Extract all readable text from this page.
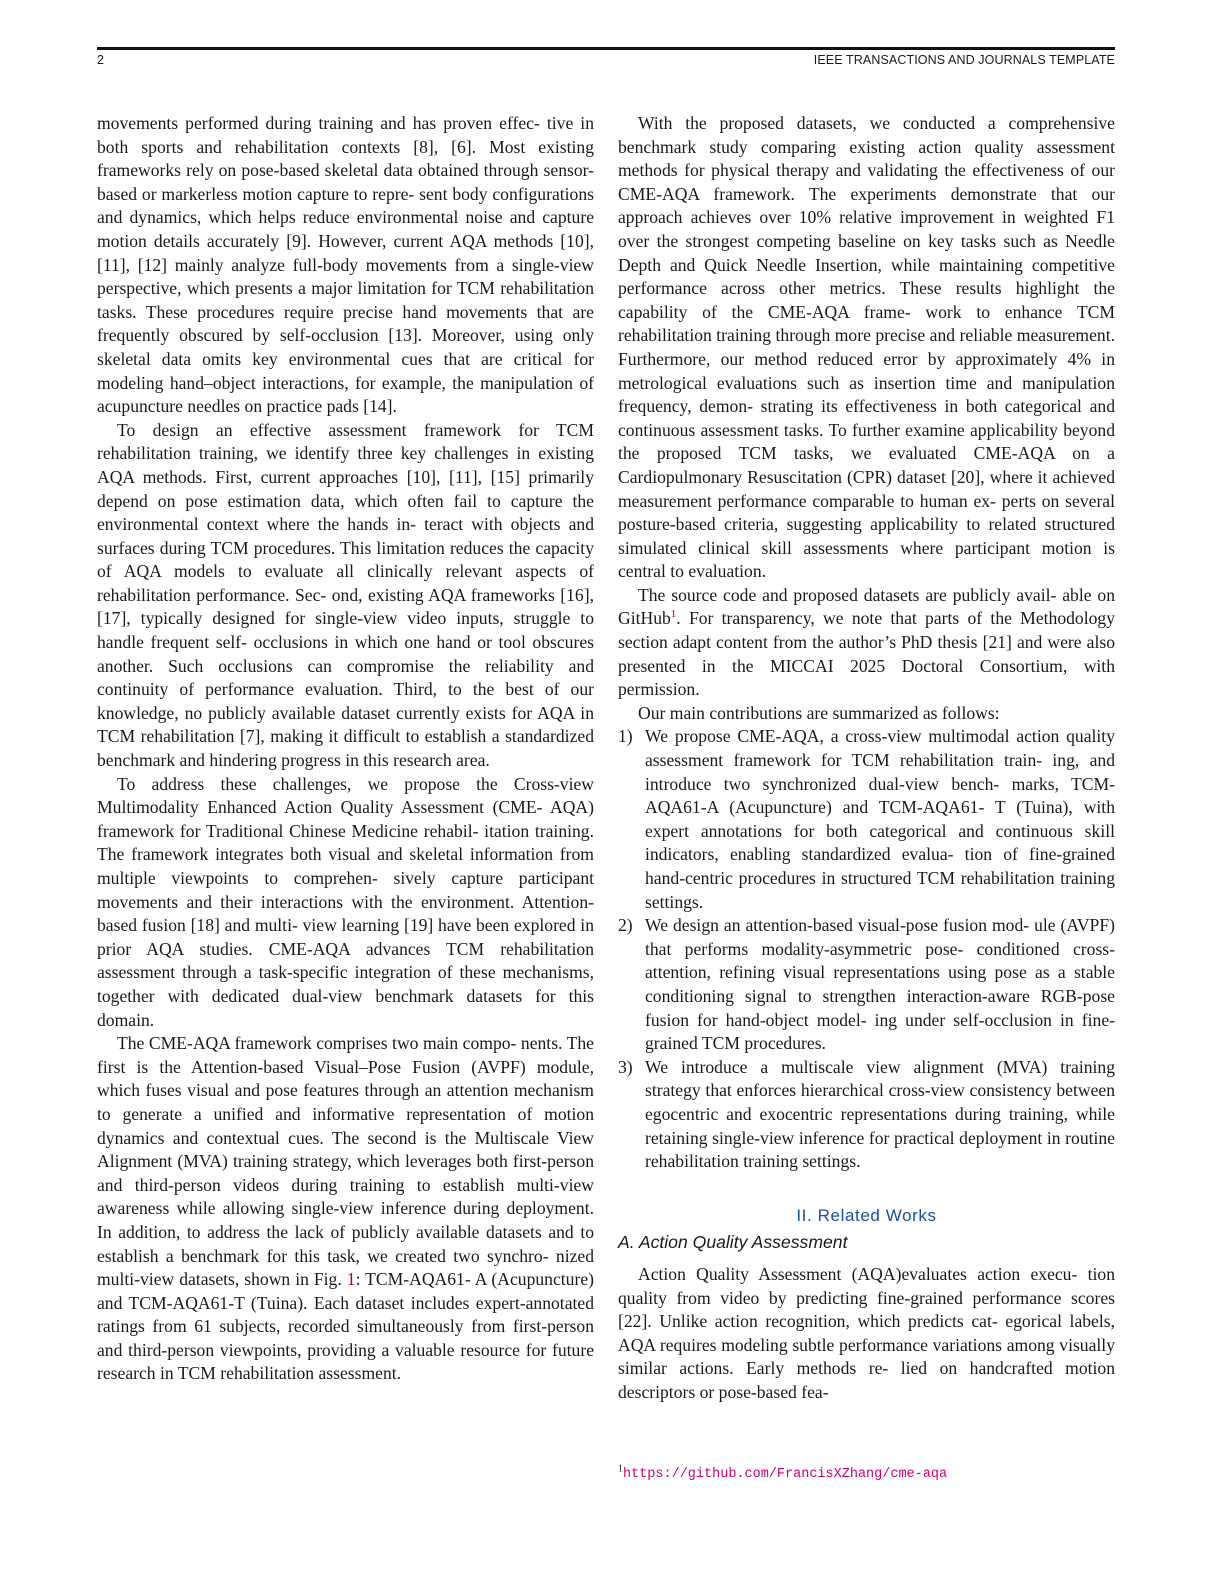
2	IEEE TRANSACTIONS AND JOURNALS TEMPLATE

movements performed during training and has proven effec- tive in both sports and rehabilitation contexts [8], [6]. Most existing frameworks rely on pose-based skeletal data obtained through sensor-based or markerless motion capture to repre- sent body configurations and dynamics, which helps reduce environmental noise and capture motion details accurately [9]. However, current AQA methods [10], [11], [12] mainly analyze full-body movements from a single-view perspective, which presents a major limitation for TCM rehabilitation tasks. These procedures require precise hand movements that are frequently obscured by self-occlusion [13]. Moreover, using only skeletal data omits key environmental cues that are critical for modeling hand–object interactions, for example, the manipulation of acupuncture needles on practice pads [14].

To design an effective assessment framework for TCM rehabilitation training, we identify three key challenges in existing AQA methods. First, current approaches [10], [11], [15] primarily depend on pose estimation data, which often fail to capture the environmental context where the hands in- teract with objects and surfaces during TCM procedures. This limitation reduces the capacity of AQA models to evaluate all clinically relevant aspects of rehabilitation performance. Sec- ond, existing AQA frameworks [16], [17], typically designed for single-view video inputs, struggle to handle frequent self- occlusions in which one hand or tool obscures another. Such occlusions can compromise the reliability and continuity of performance evaluation. Third, to the best of our knowledge, no publicly available dataset currently exists for AQA in TCM rehabilitation [7], making it difficult to establish a standardized benchmark and hindering progress in this research area.

To address these challenges, we propose the Cross-view Multimodality Enhanced Action Quality Assessment (CME- AQA) framework for Traditional Chinese Medicine rehabil- itation training. The framework integrates both visual and skeletal information from multiple viewpoints to comprehen- sively capture participant movements and their interactions with the environment. Attention-based fusion [18] and multi- view learning [19] have been explored in prior AQA studies. CME-AQA advances TCM rehabilitation assessment through a task-specific integration of these mechanisms, together with dedicated dual-view benchmark datasets for this domain.

The CME-AQA framework comprises two main compo- nents. The first is the Attention-based Visual–Pose Fusion (AVPF) module, which fuses visual and pose features through an attention mechanism to generate a unified and informative representation of motion dynamics and contextual cues. The second is the Multiscale View Alignment (MVA) training strategy, which leverages both first-person and third-person videos during training to establish multi-view awareness while allowing single-view inference during deployment. In addition, to address the lack of publicly available datasets and to establish a benchmark for this task, we created two synchro- nized multi-view datasets, shown in Fig. 1: TCM-AQA61- A (Acupuncture) and TCM-AQA61-T (Tuina). Each dataset includes expert-annotated ratings from 61 subjects, recorded simultaneously from first-person and third-person viewpoints, providing a valuable resource for future research in TCM rehabilitation assessment.

With the proposed datasets, we conducted a comprehensive benchmark study comparing existing action quality assessment methods for physical therapy and validating the effectiveness of our CME-AQA framework. The experiments demonstrate that our approach achieves over 10% relative improvement in weighted F1 over the strongest competing baseline on key tasks such as Needle Depth and Quick Needle Insertion, while maintaining competitive performance across other metrics. These results highlight the capability of the CME-AQA frame- work to enhance TCM rehabilitation training through more precise and reliable measurement. Furthermore, our method reduced error by approximately 4% in metrological evaluations such as insertion time and manipulation frequency, demon- strating its effectiveness in both categorical and continuous assessment tasks. To further examine applicability beyond the proposed TCM tasks, we evaluated CME-AQA on a Cardiopulmonary Resuscitation (CPR) dataset [20], where it achieved measurement performance comparable to human ex- perts on several posture-based criteria, suggesting applicability to related structured simulated clinical skill assessments where participant motion is central to evaluation.

The source code and proposed datasets are publicly avail- able on GitHub$^1$. For transparency, we note that parts of the Methodology section adapt content from the author’s PhD thesis [21] and were also presented in the MICCAI 2025 Doctoral Consortium, with permission.

Our main contributions are summarized as follows:

1) We propose CME-AQA, a cross-view multimodal action quality assessment framework for TCM rehabilitation train- ing, and introduce two synchronized dual-view bench- marks, TCM-AQA61-A (Acupuncture) and TCM-AQA61- T (Tuina), with expert annotations for both categorical and continuous skill indicators, enabling standardized evalua- tion of fine-grained hand-centric procedures in structured TCM rehabilitation training settings.
2) We design an attention-based visual-pose fusion mod- ule (AVPF) that performs modality-asymmetric pose- conditioned cross-attention, refining visual representations using pose as a stable conditioning signal to strengthen interaction-aware RGB-pose fusion for hand-object model- ing under self-occlusion in fine-grained TCM procedures.
3) We introduce a multiscale view alignment (MVA) training strategy that enforces hierarchical cross-view consistency between egocentric and exocentric representations during training, while retaining single-view inference for practical deployment in routine rehabilitation training settings.
II. Related Works
A. Action Quality Assessment

Action Quality Assessment (AQA)evaluates action execu- tion quality from video by predicting fine-grained performance scores [22]. Unlike action recognition, which predicts cat- egorical labels, AQA requires modeling subtle performance variations among visually similar actions. Early methods re- lied on handcrafted motion descriptors or pose-based fea-

$^1$https://github.com/FrancisXZhang/cme-aqa
